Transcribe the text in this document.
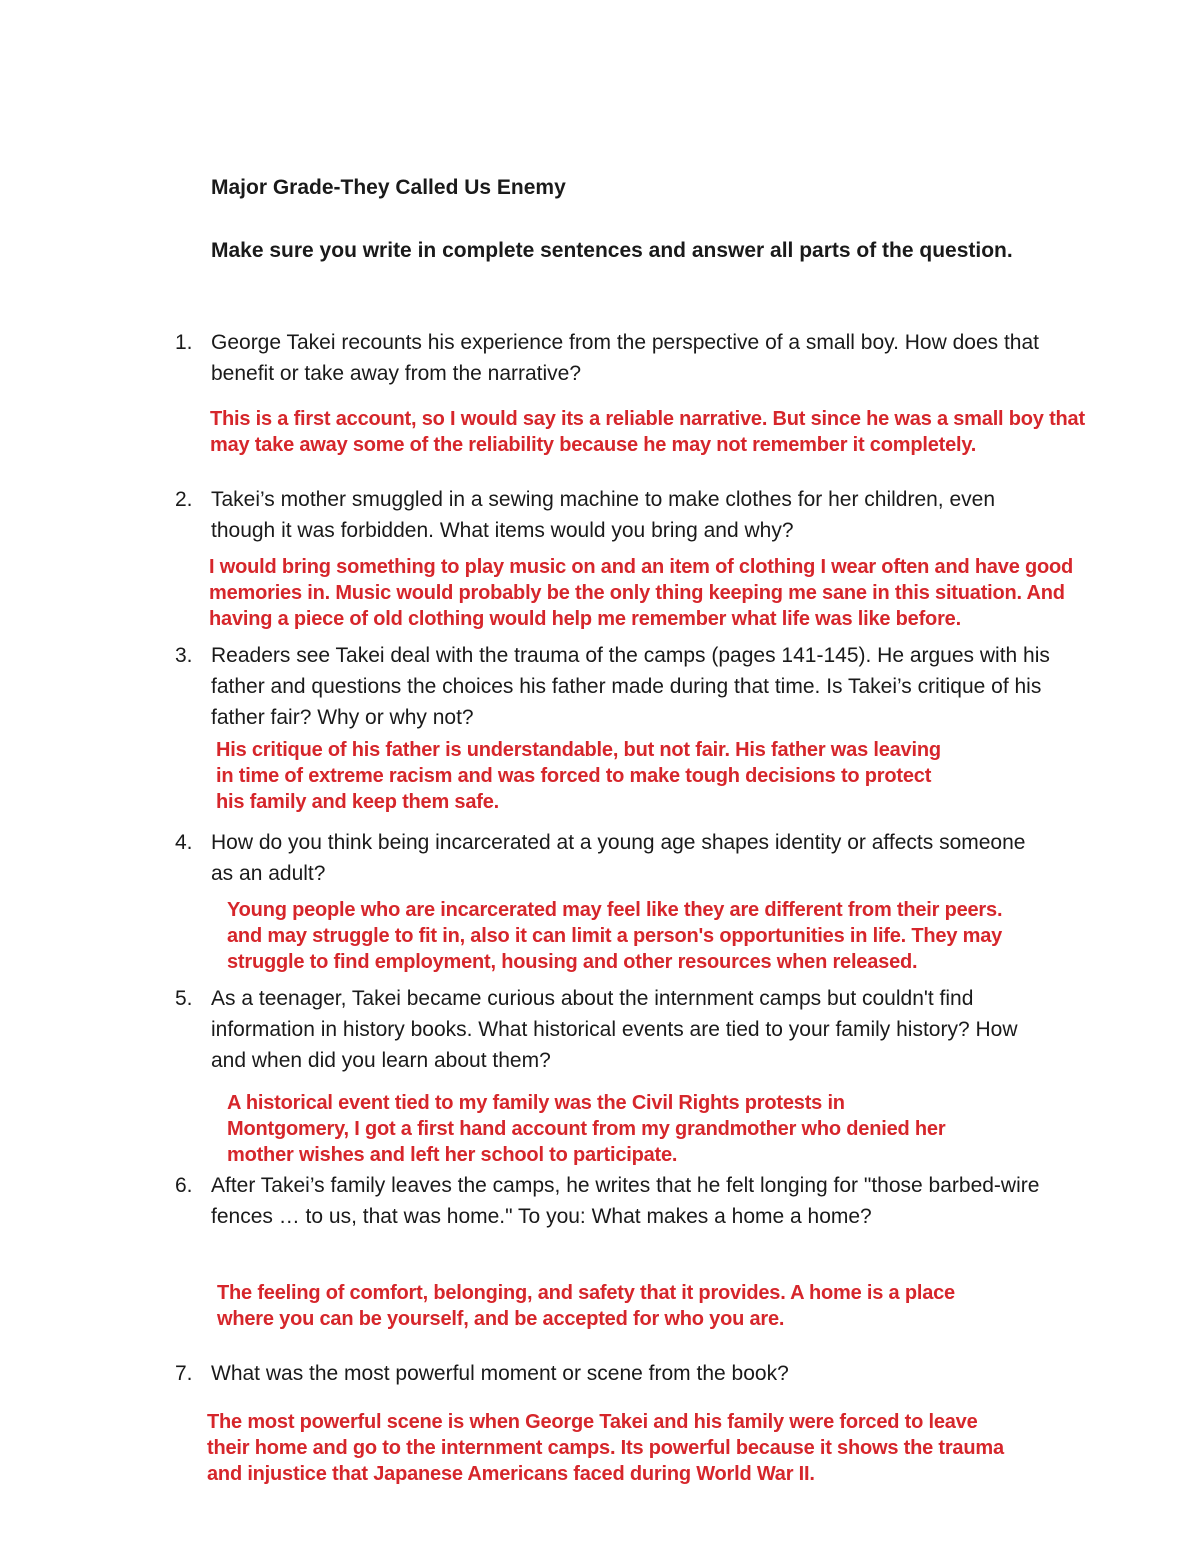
Major Grade-They Called Us Enemy

Make sure you write in complete sentences and answer all parts of the question.

1. George Takei recounts his experience from the perspective of a small boy. How does that benefit or take away from the narrative?

This is a first account, so I would say its a reliable narrative. But since he was a small boy that
may take away some of the reliability because he may not remember it completely.

2. Takei’s mother smuggled in a sewing machine to make clothes for her children, even though it was forbidden. What items would you bring and why?

I would bring something to play music on and an item of clothing I wear often and have good
memories in. Music would probably be the only thing keeping me sane in this situation. And
having a piece of old clothing would help me remember what life was like before.

3. Readers see Takei deal with the trauma of the camps (pages 141-145). He argues with his father and questions the choices his father made during that time. Is Takei’s critique of his father fair? Why or why not?

His critique of his father is understandable, but not fair. His father was leaving
in time of extreme racism and was forced to make tough decisions to protect
his family and keep them safe.

4. How do you think being incarcerated at a young age shapes identity or affects someone as an adult?

Young people who are incarcerated may feel like they are different from their peers.
and may struggle to fit in, also it can limit a person's opportunities in life. They may
struggle to find employment, housing and other resources when released.

5. As a teenager, Takei became curious about the internment camps but couldn't find information in history books. What historical events are tied to your family history? How and when did you learn about them?

A historical event tied to my family was the Civil Rights protests in
Montgomery, I got a first hand account from my grandmother who denied her
mother wishes and left her school to participate.

6. After Takei’s family leaves the camps, he writes that he felt longing for "those barbed-wire fences … to us, that was home." To you: What makes a home a home?

The feeling of comfort, belonging, and safety that it provides. A home is a place
where you can be yourself, and be accepted for who you are.

7. What was the most powerful moment or scene from the book?

The most powerful scene is when George Takei and his family were forced to leave
their home and go to the internment camps. Its powerful because it shows the trauma
and injustice that Japanese Americans faced during World War II.
